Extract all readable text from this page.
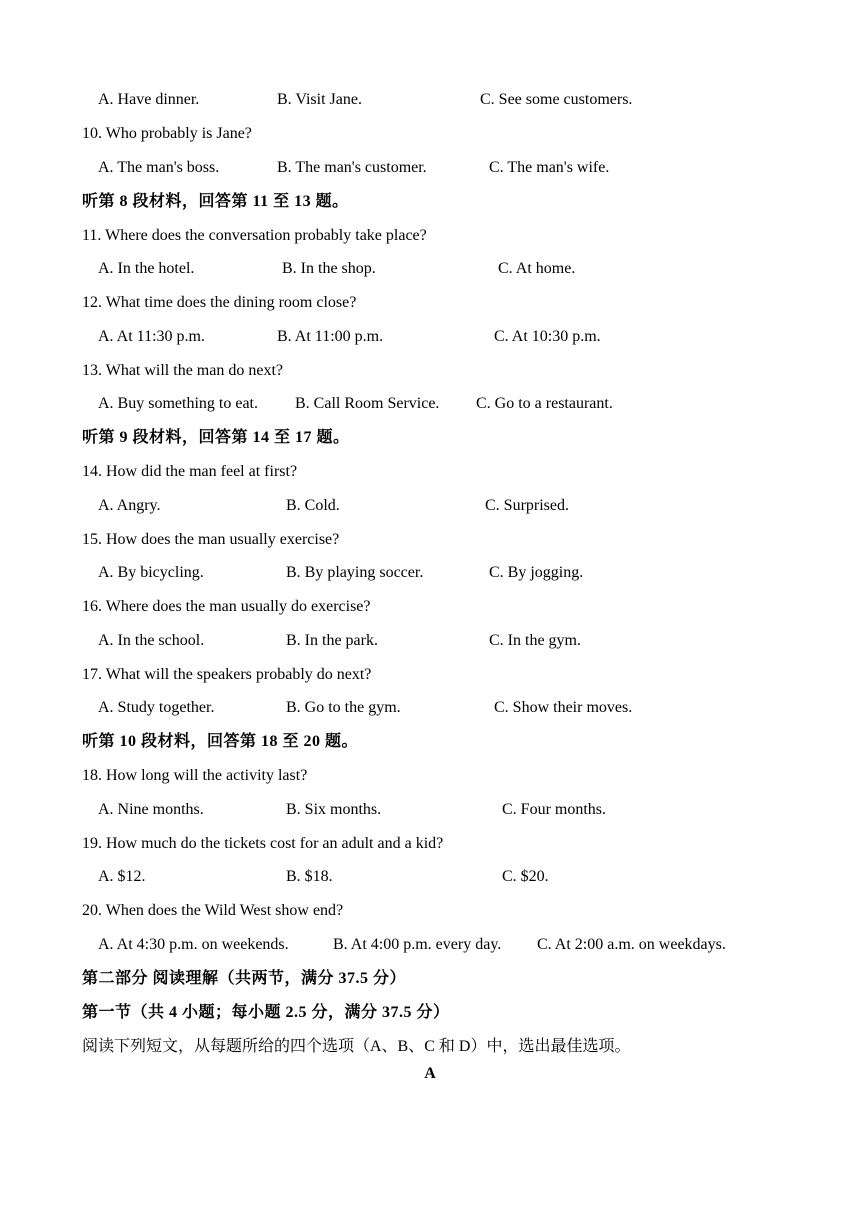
A. Have dinner.	B. Visit Jane.	C. See some customers.
10. Who probably is Jane?
A. The man's boss.	B. The man's customer.	C. The man's wife.
听第 8 段材料，回答第 11 至 13 题。
11. Where does the conversation probably take place?
A. In the hotel.	B. In the shop.	C. At home.
12. What time does the dining room close?
A. At 11:30 p.m.	B. At 11:00 p.m.	C. At 10:30 p.m.
13. What will the man do next?
A. Buy something to eat. B. Call Room Service. C. Go to a restaurant.
听第 9 段材料，回答第 14 至 17 题。
14. How did the man feel at first?
A. Angry.	B. Cold.	C. Surprised.
15. How does the man usually exercise?
A. By bicycling.	B. By playing soccer.	C. By jogging.
16. Where does the man usually do exercise?
A. In the school.	B. In the park.	C. In the gym.
17. What will the speakers probably do next?
A. Study together.	B. Go to the gym.	C. Show their moves.
听第 10 段材料，回答第 18 至 20 题。
18. How long will the activity last?
A. Nine months.	B. Six months.	C. Four months.
19. How much do the tickets cost for an adult and a kid?
A. $12.	B. $18.	C. $20.
20. When does the Wild West show end?
A. At 4:30 p.m. on weekends.	B. At 4:00 p.m. every day. C. At 2:00 a.m. on weekdays.
第二部分 阅读理解（共两节，满分 37.5 分）
第一节（共 4 小题；每小题 2.5 分，满分 37.5 分）
阅读下列短文，从每题所给的四个选项（A、B、C 和 D）中，选出最佳选项。
A
